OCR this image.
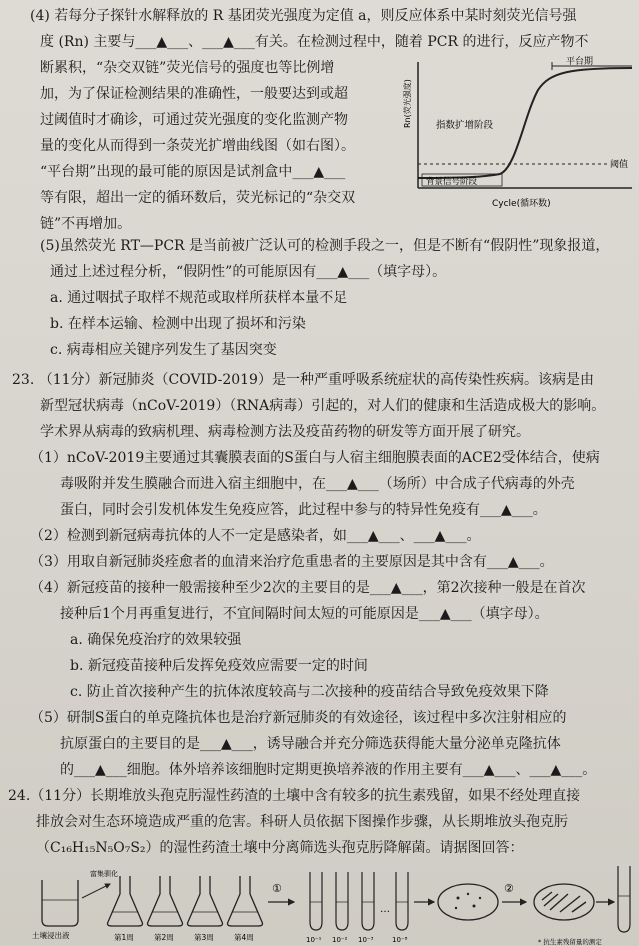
(4) 若每分子探针水解释放的 R 基团荧光强度为定值 a，则反应体系中某时刻荧光信号强
度 (Rn) 主要与___▲___、___▲___有关。在检测过程中，随着 PCR 的进行，反应产物不
断累积，“杂交双链”荧光信号的强度也等比例增
加，为了保证检测结果的准确性，一般要达到或超
过阈值时才确诊，可通过荧光强度的变化监测产物
量的变化从而得到一条荧光扩增曲线图（如右图）。
“平台期”出现的最可能的原因是试剂盒中___▲___
等有限，超出一定的循环数后，荧光标记的“杂交双
链”不再增加。
Rn(荧光强度)
Cycle(循环数)
平台期
指数扩增阶段
背景信号阶段
阈值
(5)虽然荧光 RT—PCR 是当前被广泛认可的检测手段之一，但是不断有“假阴性”现象报道，
通过上述过程分析，“假阴性”的可能原因有___▲___（填字母）。
a. 通过咽拭子取样不规范或取样所获样本量不足
b. 在样本运输、检测中出现了损坏和污染
c. 病毒相应关键序列发生了基因突变
23. （11分）新冠肺炎（COVID-2019）是一种严重呼吸系统症状的高传染性疾病。该病是由
新型冠状病毒（nCoV-2019）（RNA病毒）引起的，对人们的健康和生活造成极大的影响。
学术界从病毒的致病机理、病毒检测方法及疫苗药物的研发等方面开展了研究。
（1）nCoV-2019主要通过其囊膜表面的S蛋白与人宿主细胞膜表面的ACE2受体结合，使病
毒吸附并发生膜融合而进入宿主细胞中，在___▲___（场所）中合成子代病毒的外壳
蛋白，同时会引发机体发生免疫应答，此过程中参与的特异性免疫有___▲___。
（2）检测到新冠病毒抗体的人不一定是感染者，如___▲___、___▲___。
（3）用取自新冠肺炎痊愈者的血清来治疗危重患者的主要原因是其中含有___▲___。
（4）新冠疫苗的接种一般需接种至少2次的主要目的是___▲___，第2次接种一般是在首次
接种后1个月再重复进行，不宜间隔时间太短的可能原因是___▲___（填字母）。
a. 确保免疫治疗的效果较强
b. 新冠疫苗接种后发挥免疫效应需要一定的时间
c. 防止首次接种产生的抗体浓度较高与二次接种的疫苗结合导致免疫效果下降
（5）研制S蛋白的单克隆抗体也是治疗新冠肺炎的有效途径，该过程中多次注射相应的
抗原蛋白的主要目的是___▲___，诱导融合并充分筛选获得能大量分泌单克隆抗体
的___▲___细胞。体外培养该细胞时定期更换培养液的作用主要有___▲___、___▲___。
24.（11分）长期堆放头孢克肟湿性药渣的土壤中含有较多的抗生素残留，如果不经处理直接
排放会对生态环境造成严重的危害。科研人员依据下图操作步骤，从长期堆放头孢克肟
（C₁₆H₁₅N₅O₇S₂）的湿性药渣土壤中分离筛选头孢克肟降解菌。请据图回答：
土壤浸出液
富集驯化
第1周	第2周	第3周	第4周
①
…
10⁻¹ 10⁻² 10⁻³	10⁻⁸
②
* 抗生素残留量的测定
